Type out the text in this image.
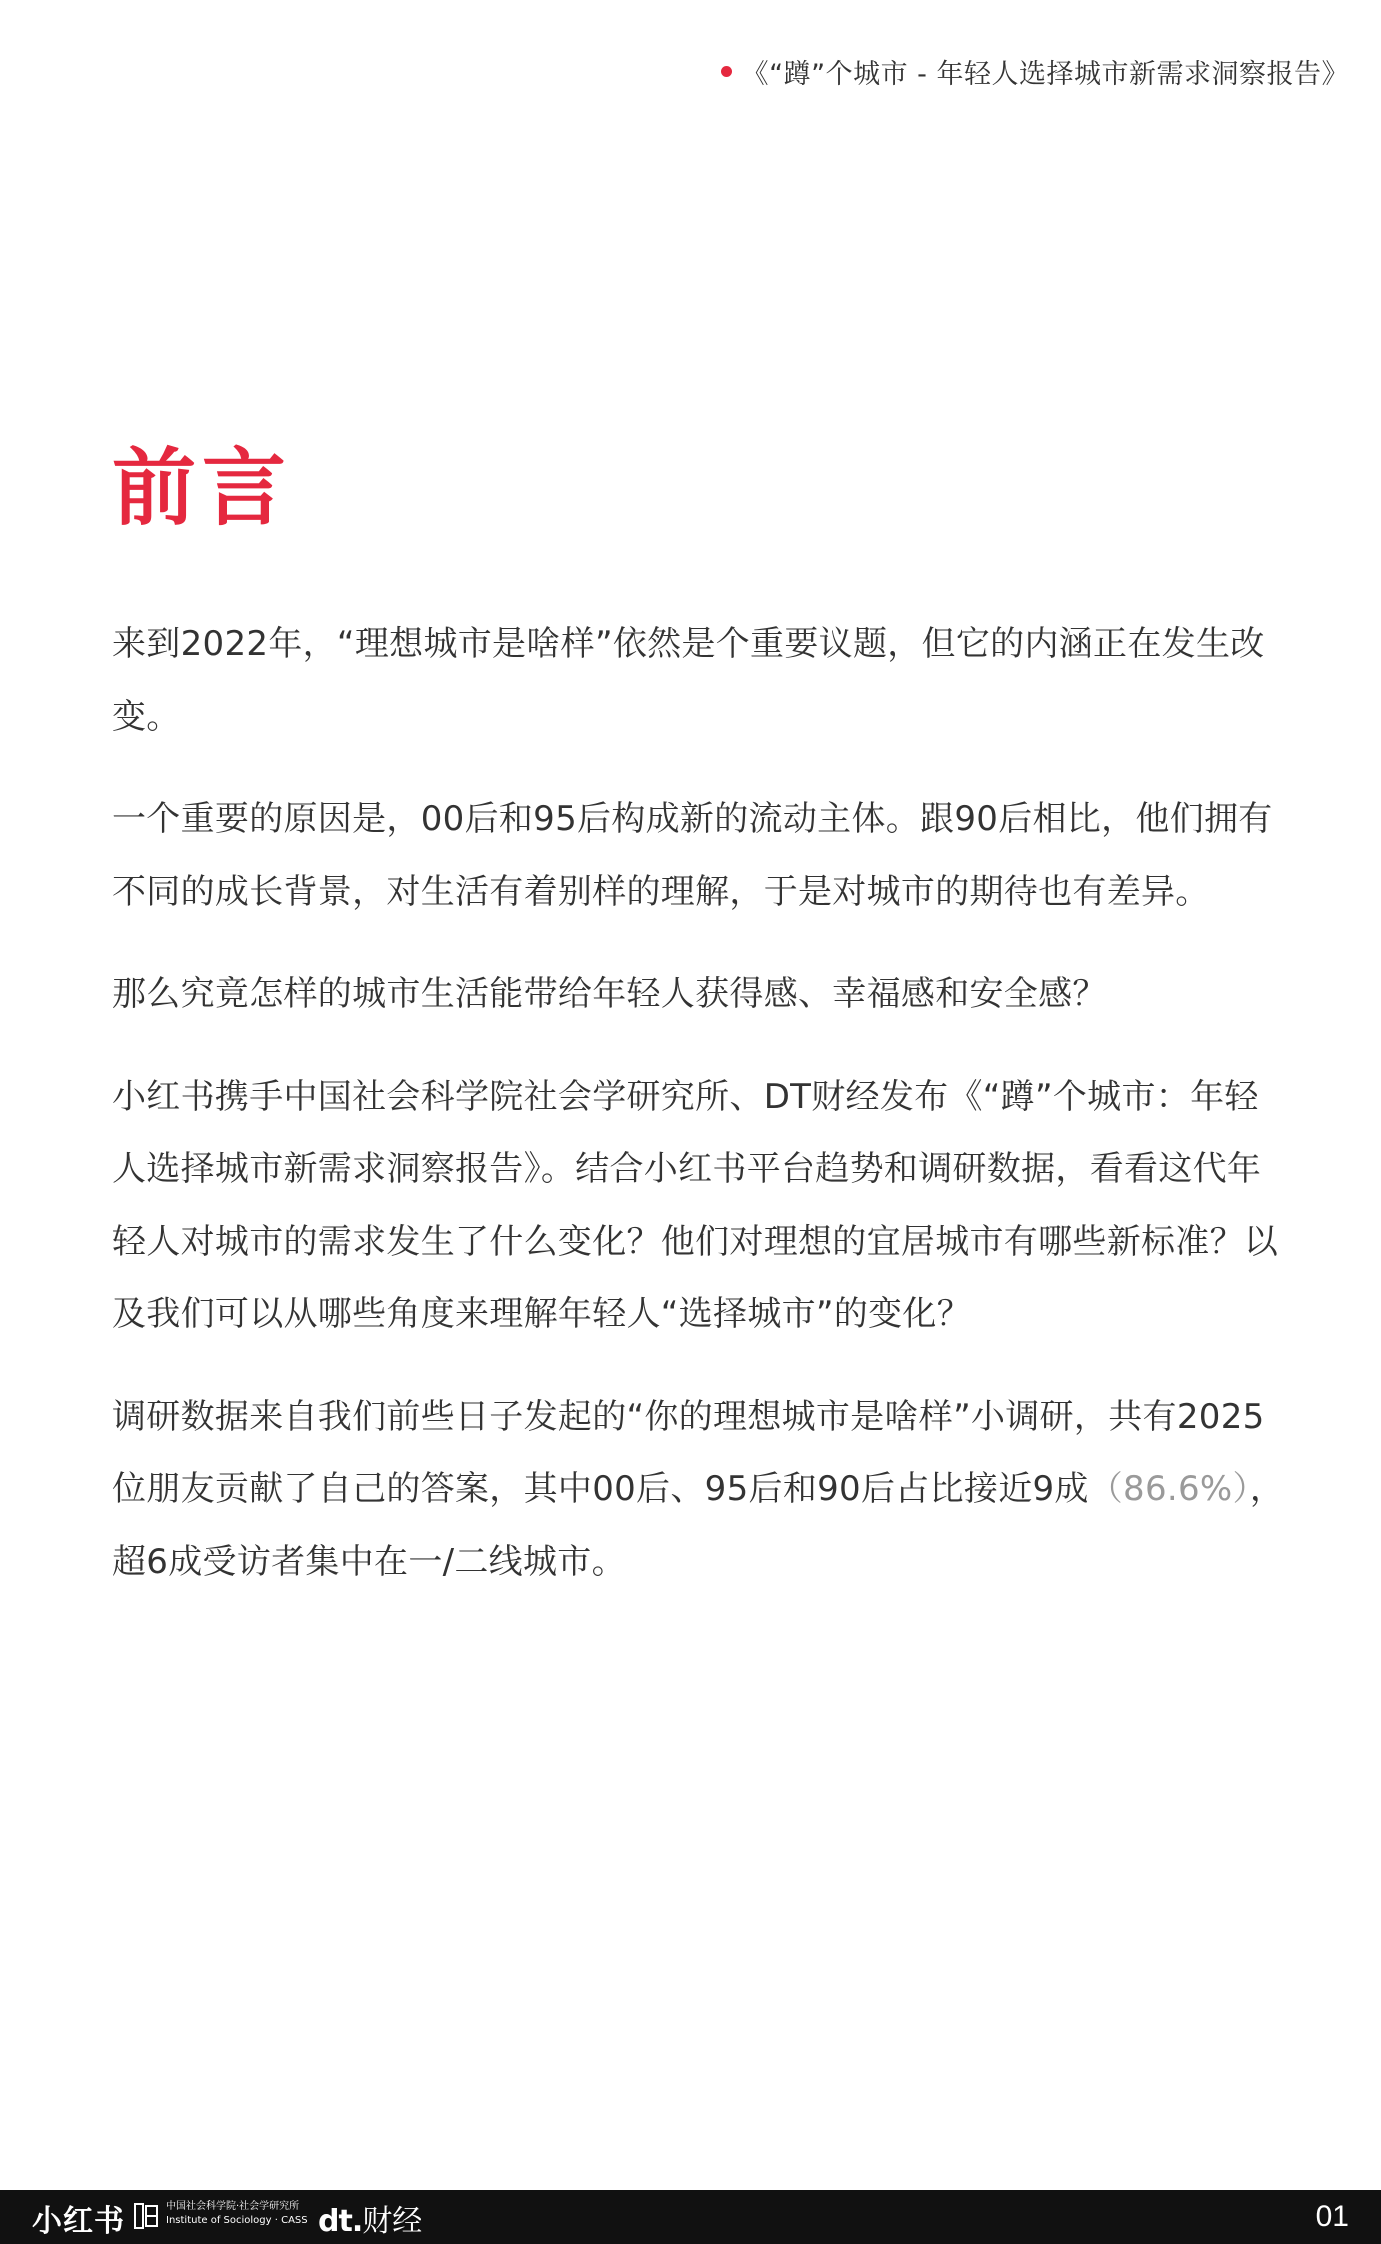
《“蹲”个城市 - 年轻人选择城市新需求洞察报告》
前言

来到2022年，“理想城市是啥样”依然是个重要议题，但它的内涵正在发生改变。

一个重要的原因是，00后和95后构成新的流动主体。跟90后相比，他们拥有不同的成长背景，对生活有着别样的理解，于是对城市的期待也有差异。

那么究竟怎样的城市生活能带给年轻人获得感、幸福感和安全感？

小红书携手中国社会科学院社会学研究所、DT财经发布《“蹲”个城市：年轻人选择城市新需求洞察报告》。结合小红书平台趋势和调研数据，看看这代年轻人对城市的需求发生了什么变化？他们对理想的宜居城市有哪些新标准？以及我们可以从哪些角度来理解年轻人“选择城市”的变化？

调研数据来自我们前些日子发起的“你的理想城市是啥样”小调研，共有2025位朋友贡献了自己的答案，其中00后、95后和90后占比接近9成（86.6%），超6成受访者集中在一/二线城市。

小红书	中国社会科学院·社会学研究所
Institute of Sociology · CASS dt.财经	01
